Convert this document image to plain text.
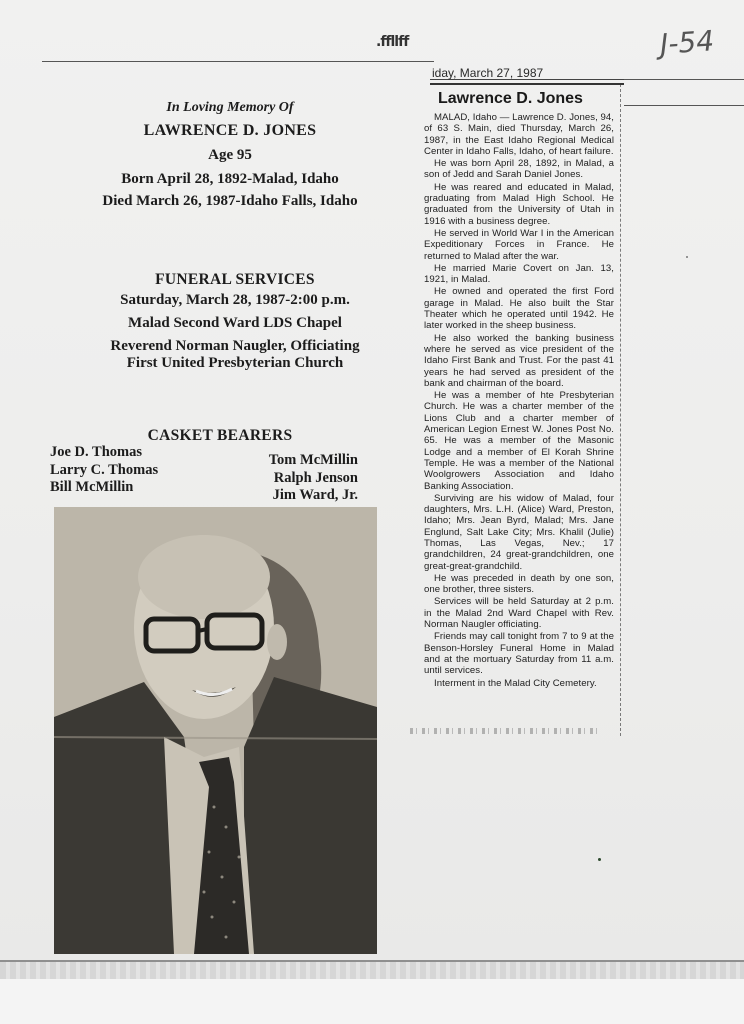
.ffllff	J-54
In Loving Memory Of
LAWRENCE D. JONES
Age 95
Born April 28, 1892-Malad, Idaho
Died March 26, 1987-Idaho Falls, Idaho
FUNERAL SERVICES
Saturday, March 28, 1987-2:00 p.m.
Malad Second Ward LDS Chapel
Reverend Norman Naugler, Officiating
First United Presbyterian Church
CASKET BEARERS
Joe D. Thomas
Larry C. Thomas
Bill McMillin
Tom McMillin
Ralph Jenson
Jim Ward, Jr.
iday, March 27, 1987
Lawrence D. Jones

MALAD, Idaho — Lawrence D. Jones, 94, of 63 S. Main, died Thursday, March 26, 1987, in the East Idaho Regional Medical Center in Idaho Falls, Idaho, of heart failure.

He was born April 28, 1892, in Malad, a son of Jedd and Sarah Daniel Jones.

He was reared and educated in Malad, graduating from Malad High School. He graduated from the University of Utah in 1916 with a business degree.

He served in World War I in the American Expeditionary Forces in France. He returned to Malad after the war.

He married Marie Covert on Jan. 13, 1921, in Malad.

He owned and operated the first Ford garage in Malad. He also built the Star Theater which he operated until 1942. He later worked in the sheep business.

He also worked the banking business where he served as vice president of the Idaho First Bank and Trust. For the past 41 years he had served as president of the bank and chairman of the board.

He was a member of hte Presbyterian Church. He was a charter member of the Lions Club and a charter member of American Legion Ernest W. Jones Post No. 65. He was a member of the Masonic Lodge and a member of El Korah Shrine Temple. He was a member of the National Woolgrowers Association and Idaho Banking Association.

Surviving are his widow of Malad, four daughters, Mrs. L.H. (Alice) Ward, Preston, Idaho; Mrs. Jean Byrd, Malad; Mrs. Jane Englund, Salt Lake City; Mrs. Khalil (Julie) Thomas, Las Vegas, Nev.; 17 grandchildren, 24 great-grandchildren, one great-great-grandchild.

He was preceded in death by one son, one brother, three sisters.

Services will be held Saturday at 2 p.m. in the Malad 2nd Ward Chapel with Rev. Norman Naugler officiating.

Friends may call tonight from 7 to 9 at the Benson-Horsley Funeral Home in Malad and at the mortuary Saturday from 11 a.m. until services.

Interment in the Malad City Cemetery.
